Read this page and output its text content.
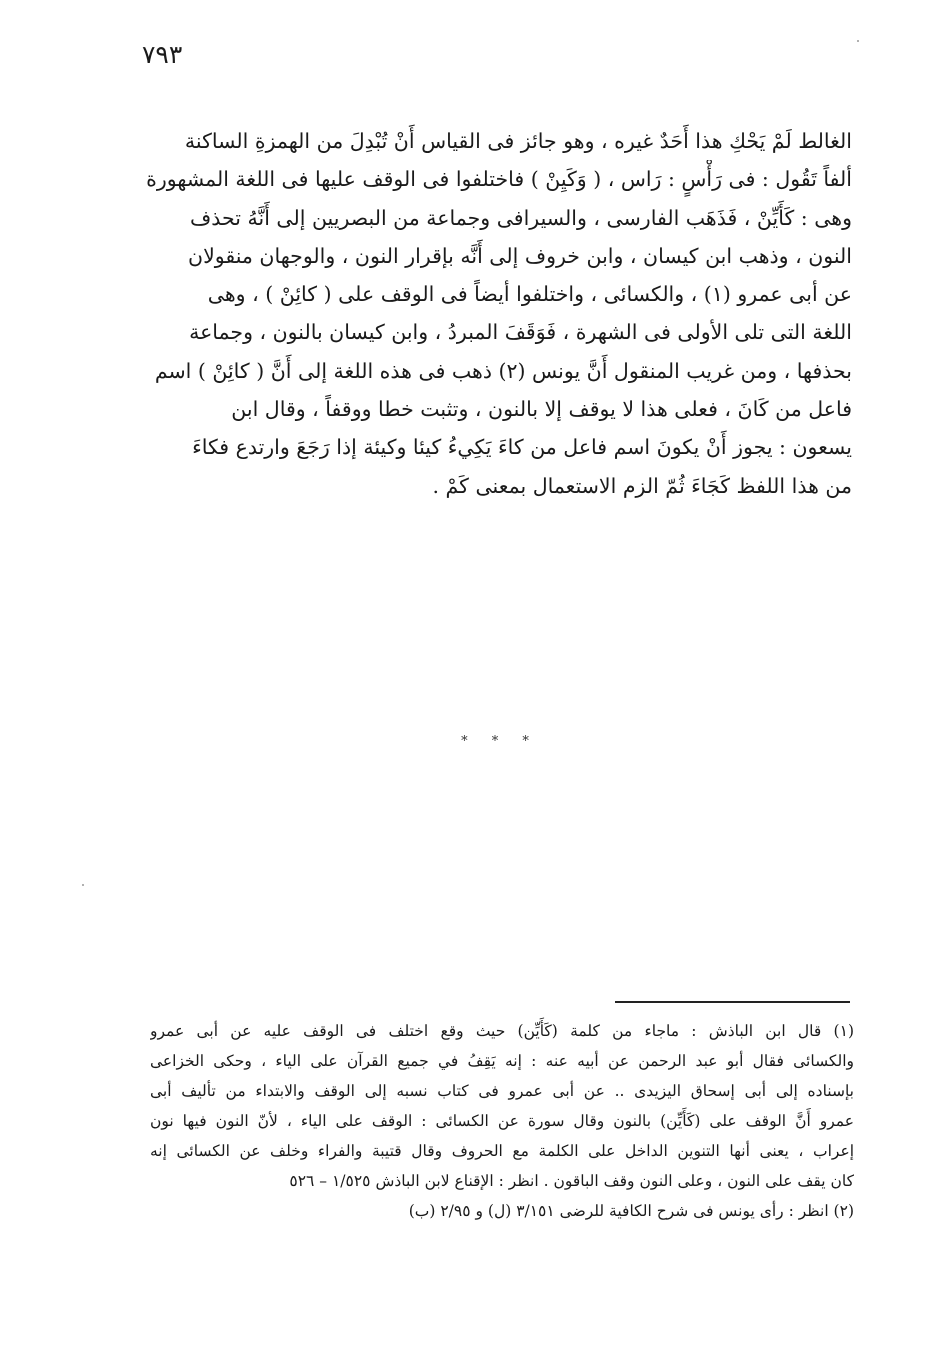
٧٩٣
الغالط لَمْ يَحْكِ هذا أَحَدٌ غيره ، وهو جائز فى القياس أَنْ تُبْدِلَ من الهمزةِ الساكنة
ألفاً تَقُول : فى رَأْسٍ : رَاس ، ( وَكَيِنْ ) فاختلفوا فى الوقف عليها فى اللغة المشهورة
وهى : كَأَيِّنْ ، فَذَهَب الفارسى ، والسيرافى وجماعة من البصريين إلى أَنَّهُ تحذف
النون ، وذهب ابن كيسان ، وابن خروف إلى أَنَّه بإقرار النون ، والوجهان منقولان
عن أبى عمرو (١) ، والكسائى ، واختلفوا أيضاً فى الوقف على ( كائِنْ ) ، وهى
اللغة التى تلى الأولى فى الشهرة ، فَوَقَفَ المبردُ ، وابن كيسان بالنون ، وجماعة
بحذفها ، ومن غريب المنقول أَنَّ يونس (٢) ذهب فى هذه اللغة إلى أَنَّ ( كائِنْ ) اسم
فاعل من كَانَ ، فعلى هذا لا يوقف إلا بالنون ، وتثبت خطا ووقفاً ، وقال ابن
يسعون : يجوز أَنْ يكونَ اسم فاعل من كاءَ يَكِيءُ كيئا وكيئة إذا رَجَعَ وارتدع فكاءَ
من هذا اللفظ كَجَاءَ ثُمّ الزم الاستعمال بمعنى كَمْ .
* * *
(١) قال ابن الباذش : ماجاء من كلمة (كَأَيِّن) حيث وقع اختلف فى الوقف عليه عن أبى عمرو
والكسائى فقال أبو عبد الرحمن عن أبيه عنه : إنه يَقِفُ في جميع القرآن على الياء ، وحكى الخزاعى
بإسناده إلى أبى إسحاق اليزيدى .. عن أبى عمرو فى كتاب نسبه إلى الوقف والابتداء من تأليف أبى
عمرو أَنَّ الوقف على (كَأَيِّن) بالنون وقال سورة عن الكسائى : الوقف على الياء ، لأنّ النون فيها نون
إعراب ، يعنى أنها التنوين الداخل على الكلمة مع الحروف وقال قتيبة والفراء وخلف عن الكسائى إنه
كان يقف على النون ، وعلى النون وقف الباقون . انظر : الإقناع لابن الباذش ١/٥٢٥ – ٥٢٦
(٢) انظر : رأى يونس فى شرح الكافية للرضى ٣/١٥١ (ل) و ٢/٩٥ (ب)
